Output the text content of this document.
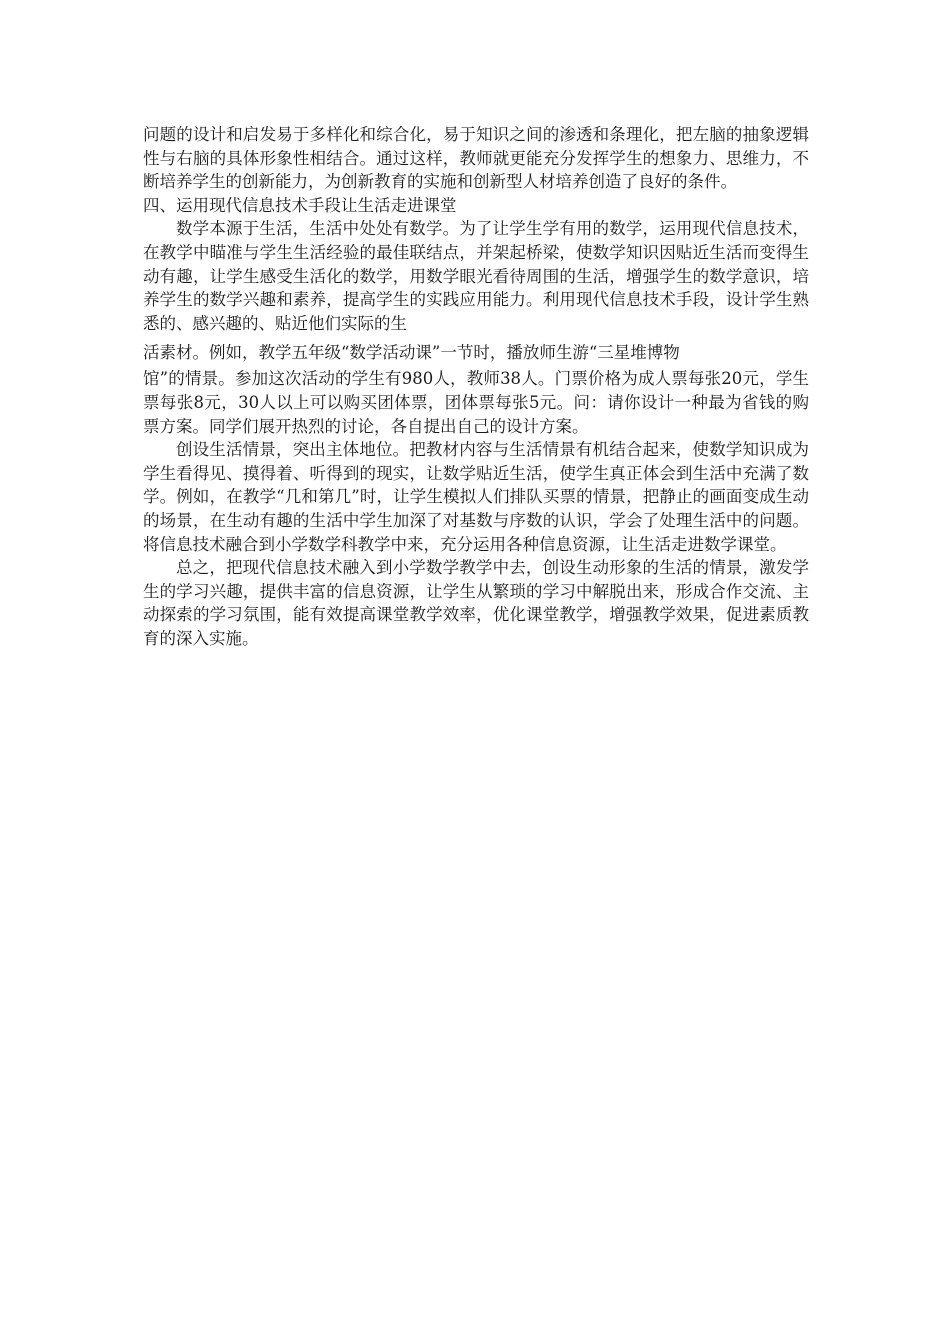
问题的设计和启发易于多样化和综合化，易于知识之间的渗透和条理化，把左脑的抽象逻辑性与右脑的具体形象性相结合。通过这样，教师就更能充分发挥学生的想象力、思维力，不断培养学生的创新能力，为创新教育的实施和创新型人材培养创造了良好的条件。

四、运用现代信息技术手段让生活走进课堂

数学本源于生活，生活中处处有数学。为了让学生学有用的数学，运用现代信息技术，在教学中瞄准与学生生活经验的最佳联结点，并架起桥梁，使数学知识因贴近生活而变得生动有趣，让学生感受生活化的数学，用数学眼光看待周围的生活，增强学生的数学意识，培养学生的数学兴趣和素养，提高学生的实践应用能力。利用现代信息技术手段，设计学生熟悉的、感兴趣的、贴近他们实际的生

活素材。例如，教学五年级“数学活动课”一节时，播放师生游“三星堆博物

馆”的情景。参加这次活动的学生有980人，教师38人。门票价格为成人票每张20元，学生票每张8元，30人以上可以购买团体票，团体票每张5元。问：请你设计一种最为省钱的购票方案。同学们展开热烈的讨论，各自提出自己的设计方案。

创设生活情景，突出主体地位。把教材内容与生活情景有机结合起来，使数学知识成为学生看得见、摸得着、听得到的现实，让数学贴近生活，使学生真正体会到生活中充满了数学。例如，在教学“几和第几”时，让学生模拟人们排队买票的情景，把静止的画面变成生动的场景，在生动有趣的生活中学生加深了对基数与序数的认识，学会了处理生活中的问题。将信息技术融合到小学数学科教学中来，充分运用各种信息资源，让生活走进数学课堂。

总之，把现代信息技术融入到小学数学教学中去，创设生动形象的生活的情景，激发学生的学习兴趣，提供丰富的信息资源，让学生从繁琐的学习中解脱出来，形成合作交流、主动探索的学习氛围，能有效提高课堂教学效率，优化课堂教学，增强教学效果，促进素质教育的深入实施。
